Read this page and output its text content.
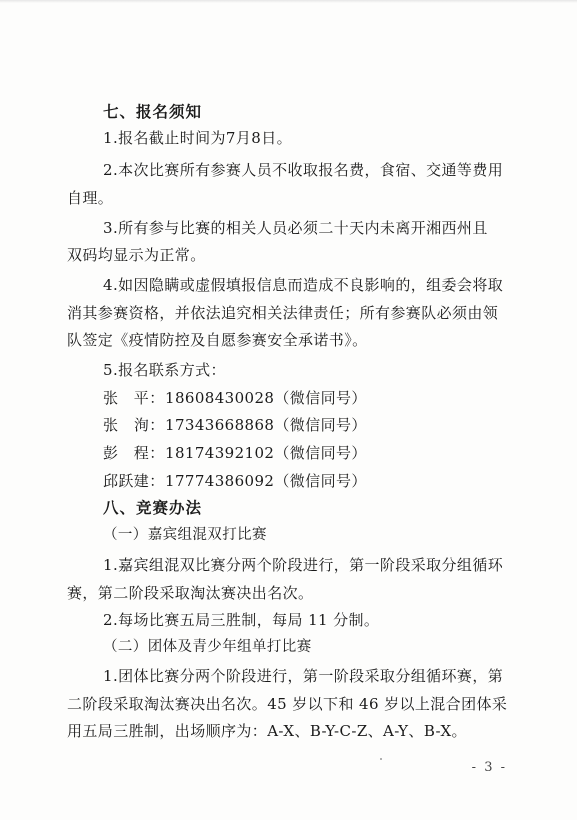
七、报名须知
1.报名截止时间为7月8日。
2.本次比赛所有参赛人员不收取报名费，食宿、交通等费用
自理。
3.所有参与比赛的相关人员必须二十天内未离开湘西州且
双码均显示为正常。
4.如因隐瞒或虚假填报信息而造成不良影响的，组委会将取
消其参赛资格，并依法追究相关法律责任；所有参赛队必须由领
队签定《疫情防控及自愿参赛安全承诺书》。
5.报名联系方式：
张　平：18608430028（微信同号）
张　洵：17343668868（微信同号）
彭　程：18174392102（微信同号）
邱跃建：17774386092（微信同号）
八、竞赛办法
（一）嘉宾组混双打比赛
1.嘉宾组混双比赛分两个阶段进行，第一阶段采取分组循环
赛，第二阶段采取淘汰赛决出名次。
2.每场比赛五局三胜制，每局 11 分制。
（二）团体及青少年组单打比赛
1.团体比赛分两个阶段进行，第一阶段采取分组循环赛，第
二阶段采取淘汰赛决出名次。45 岁以下和 46 岁以上混合团体采
用五局三胜制，出场顺序为：A-X、B-Y-C-Z、A-Y、B-X。
- 3 -
